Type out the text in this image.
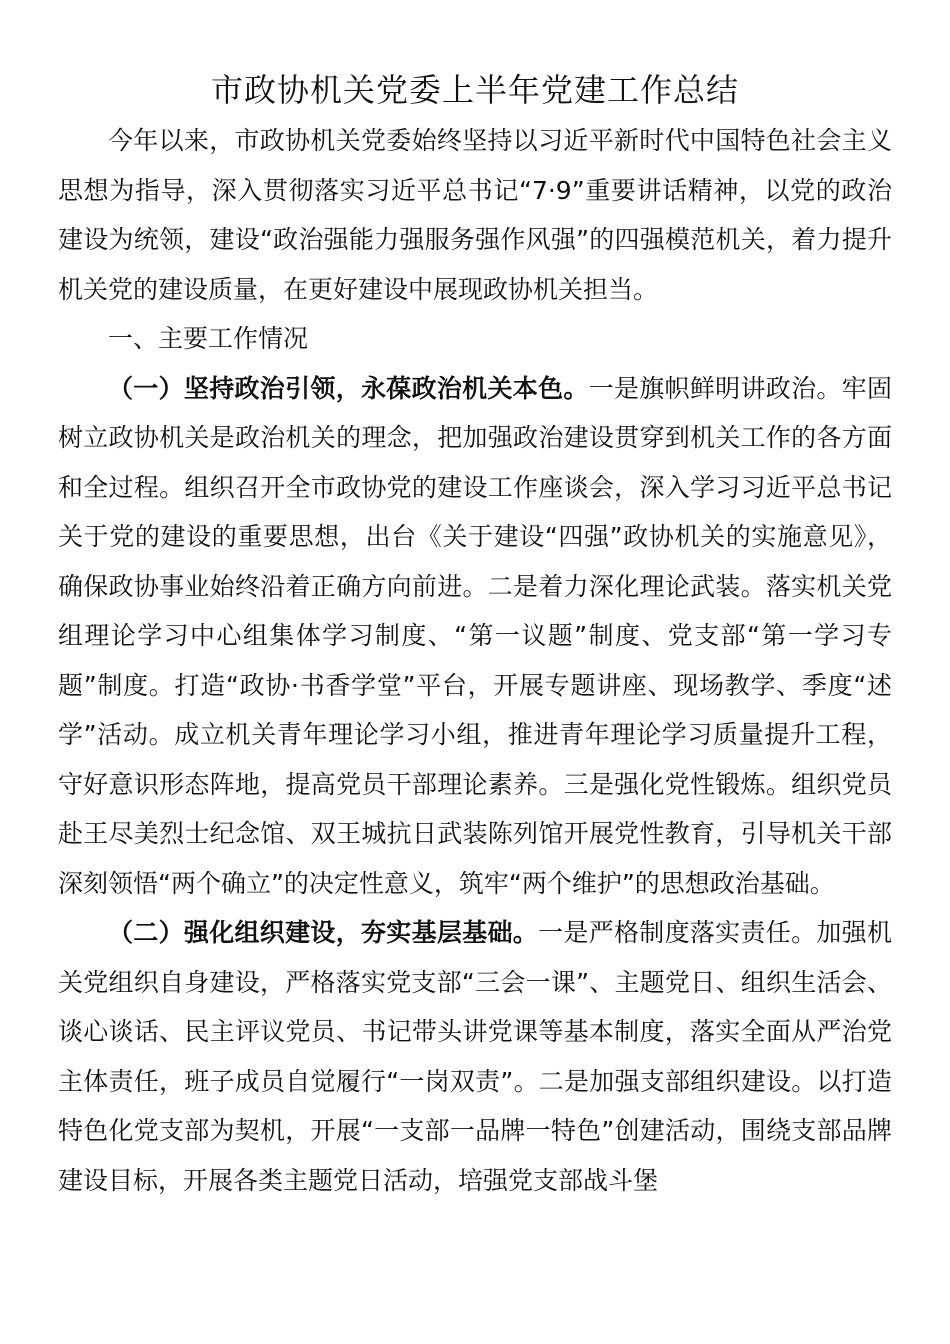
市政协机关党委上半年党建工作总结

今年以来，市政协机关党委始终坚持以习近平新时代中国特色社会主义思想为指导，深入贯彻落实习近平总书记“7·9”重要讲话精神，以党的政治建设为统领，建设“政治强能力强服务强作风强”的四强模范机关，着力提升机关党的建设质量，在更好建设中展现政协机关担当。

一、主要工作情况

（一）坚持政治引领，永葆政治机关本色。一是旗帜鲜明讲政治。牢固树立政协机关是政治机关的理念，把加强政治建设贯穿到机关工作的各方面和全过程。组织召开全市政协党的建设工作座谈会，深入学习习近平总书记关于党的建设的重要思想，出台《关于建设“四强”政协机关的实施意见》，确保政协事业始终沿着正确方向前进。二是着力深化理论武装。落实机关党组理论学习中心组集体学习制度、“第一议题”制度、党支部“第一学习专题”制度。打造“政协·书香学堂”平台，开展专题讲座、现场教学、季度“述学”活动。成立机关青年理论学习小组，推进青年理论学习质量提升工程，守好意识形态阵地，提高党员干部理论素养。三是强化党性锻炼。组织党员赴王尽美烈士纪念馆、双王城抗日武装陈列馆开展党性教育，引导机关干部深刻领悟“两个确立”的决定性意义，筑牢“两个维护”的思想政治基础。

（二）强化组织建设，夯实基层基础。一是严格制度落实责任。加强机关党组织自身建设，严格落实党支部“三会一课”、主题党日、组织生活会、谈心谈话、民主评议党员、书记带头讲党课等基本制度，落实全面从严治党主体责任，班子成员自觉履行“一岗双责”。二是加强支部组织建设。以打造特色化党支部为契机，开展“一支部一品牌一特色”创建活动，围绕支部品牌建设目标，开展各类主题党日活动，培强党支部战斗堡
